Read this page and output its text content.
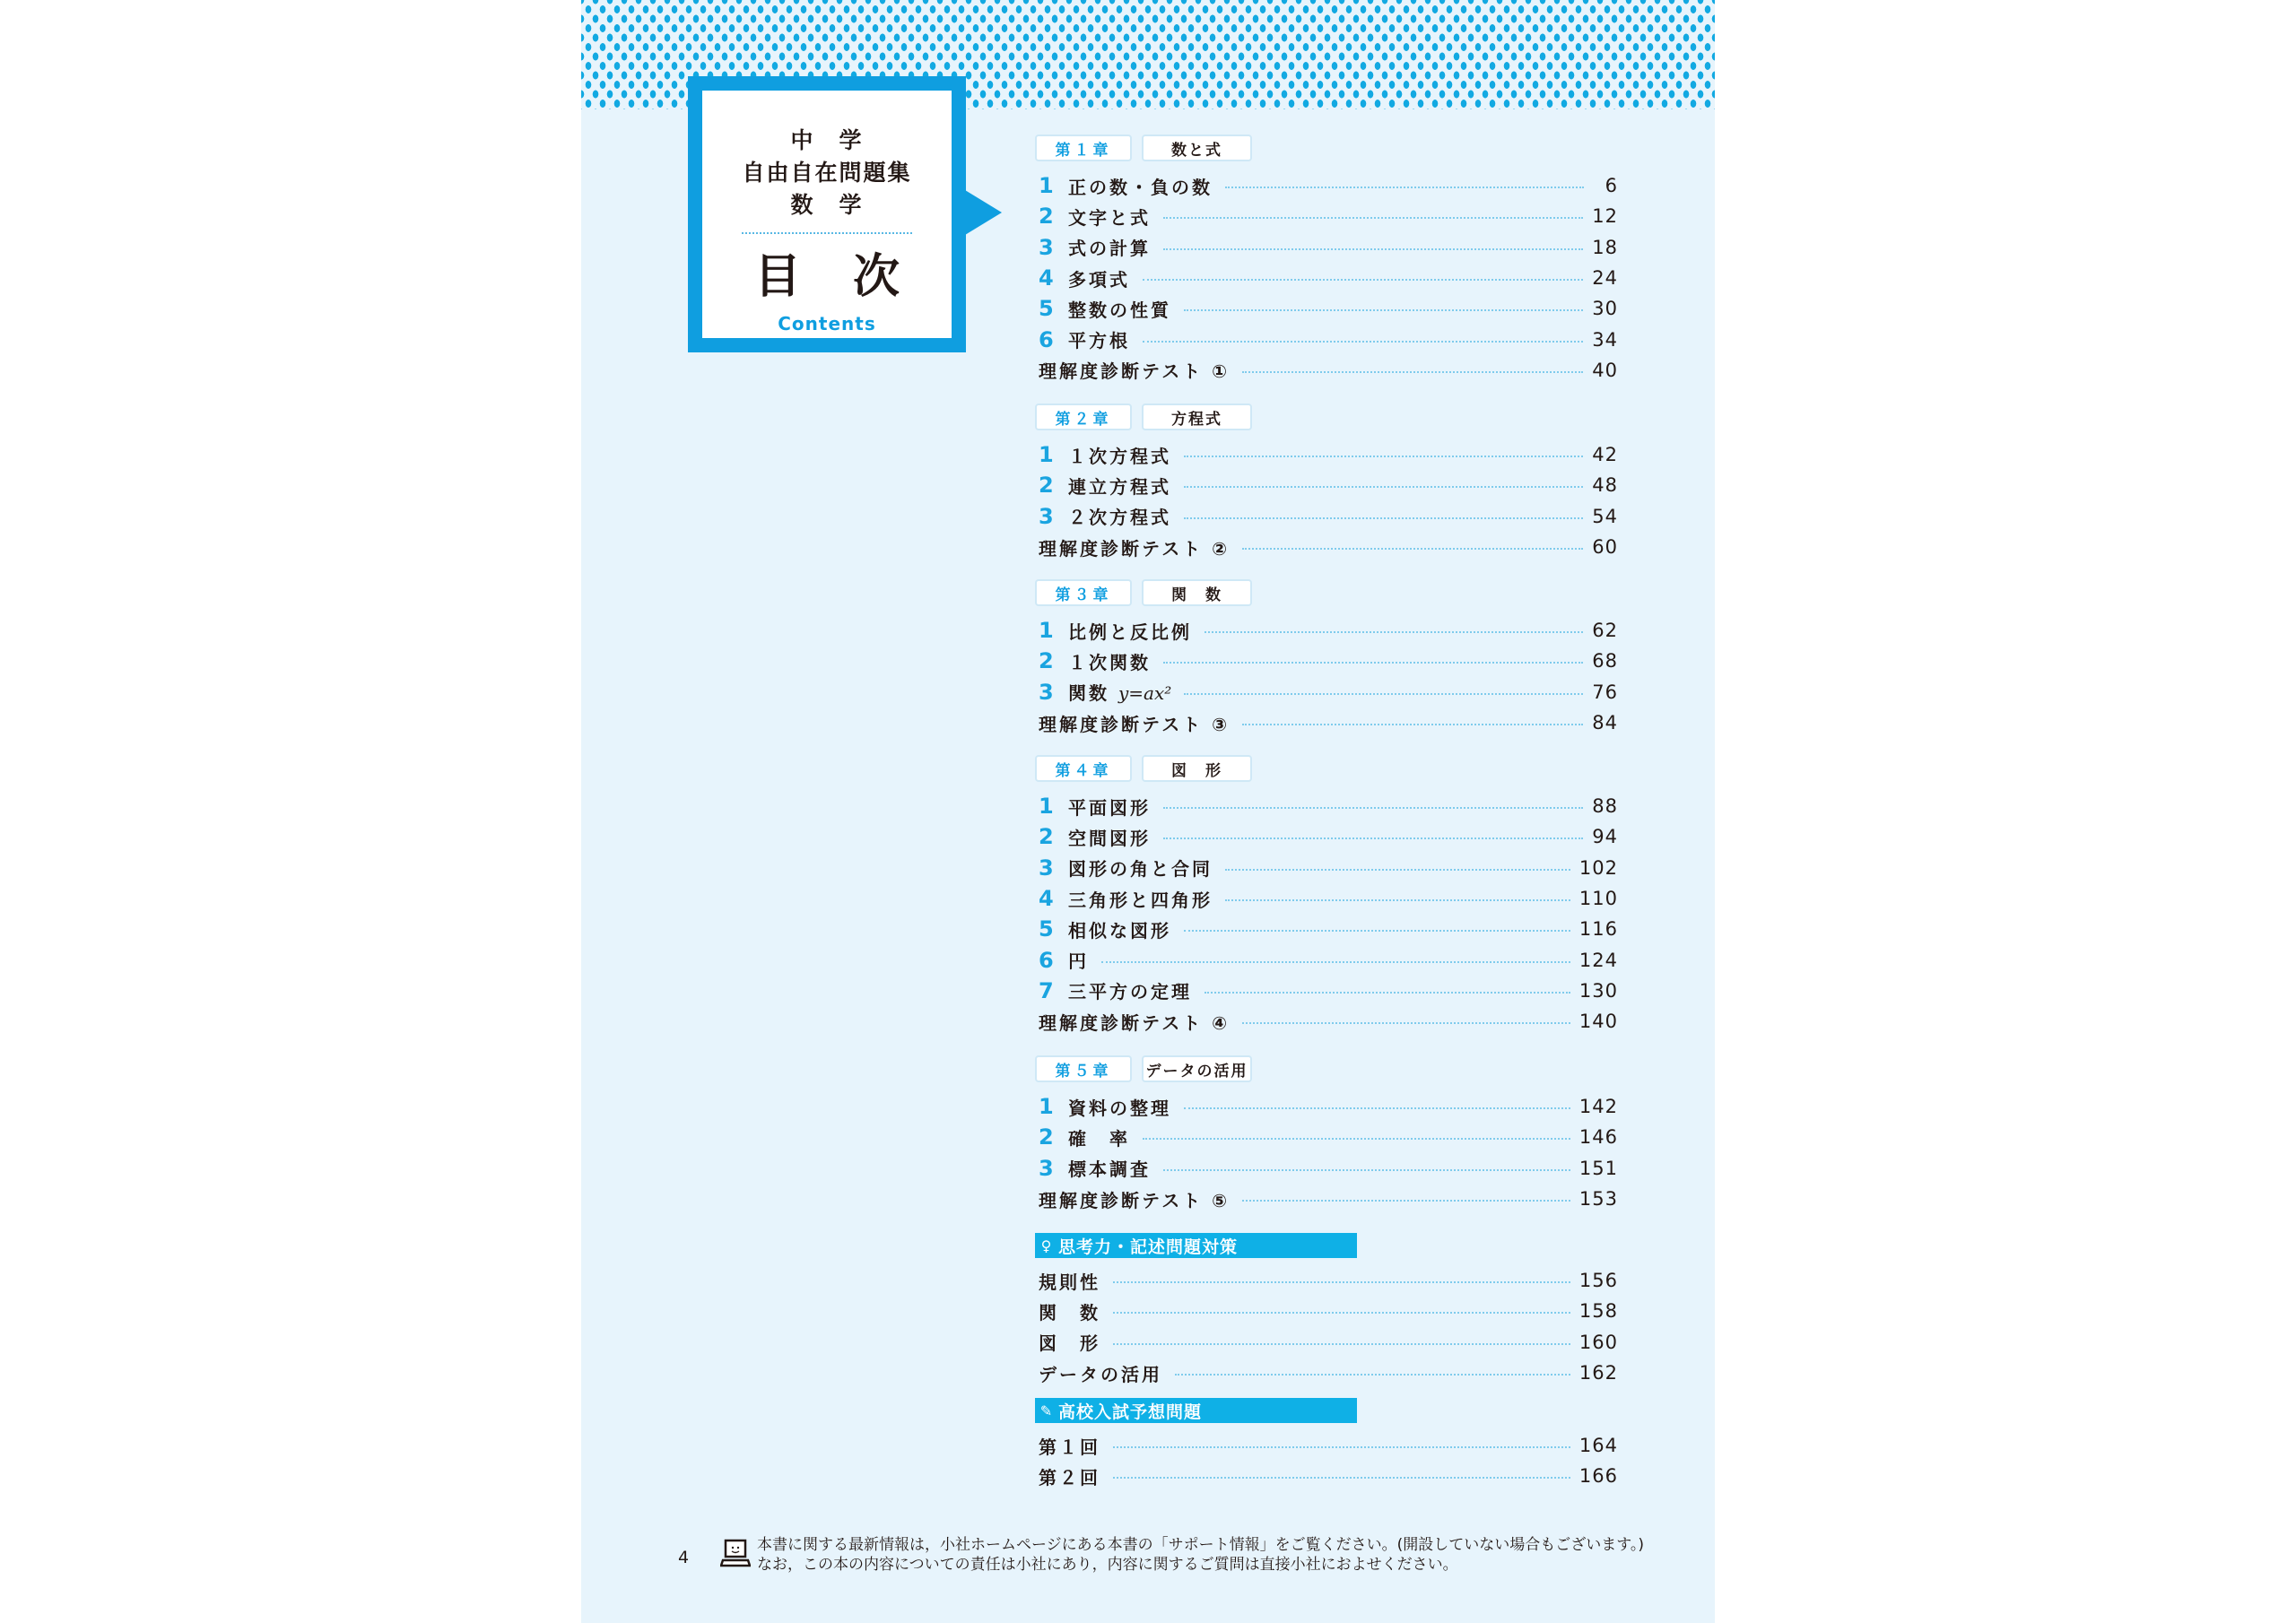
中　学
自由自在問題集
数　学
目 次
Contents
第１章	数と式
1 正の数・負の数	6
2 文字と式	12
3 式の計算	18
4 多項式	24
5 整数の性質	30
6 平方根	34
理解度診断テスト ①	40
第２章	方程式
1 １次方程式	42
2 連立方程式	48
3 ２次方程式	54
理解度診断テスト ②	60
第３章	関　数
1 比例と反比例	62
2 １次関数	68
3 関数 y=ax²	76
理解度診断テスト ③	84
第４章	図　形
1 平面図形	88
2 空間図形	94
3 図形の角と合同	102
4 三角形と四角形	110
5 相似な図形	116
6 円	124
7 三平方の定理	130
理解度診断テスト ④	140
第５章	データの活用
1 資料の整理	142
2 確　率	146
3 標本調査	151
理解度診断テスト ⑤	153
♀ 思考力・記述問題対策
規則性	156
関　数	158
図　形	160
データの活用	162
✎ 高校入試予想問題
第１回	164
第２回	166
4
本書に関する最新情報は，小社ホームページにある本書の「サポート情報」をご覧ください。(開設していない場合もございます。)
なお，この本の内容についての責任は小社にあり，内容に関するご質問は直接小社におよせください。
